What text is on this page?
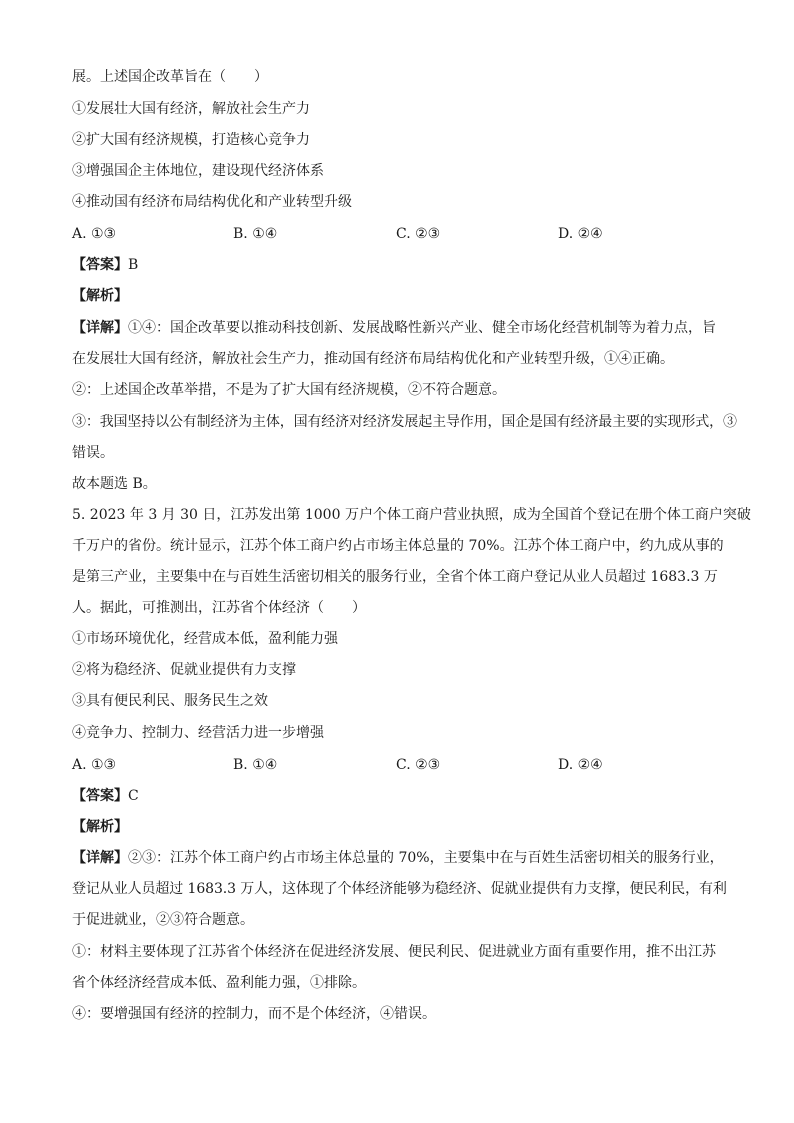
展。上述国企改革旨在（　　）
①发展壮大国有经济，解放社会生产力
②扩大国有经济规模，打造核心竞争力
③增强国企主体地位，建设现代经济体系
④推动国有经济布局结构优化和产业转型升级
A. ①③	B. ①④	C. ②③	D. ②④
【答案】B
【解析】
【详解】①④：国企改革要以推动科技创新、发展战略性新兴产业、健全市场化经营机制等为着力点，旨
在发展壮大国有经济，解放社会生产力，推动国有经济布局结构优化和产业转型升级，①④正确。
②：上述国企改革举措，不是为了扩大国有经济规模，②不符合题意。
③：我国坚持以公有制经济为主体，国有经济对经济发展起主导作用，国企是国有经济最主要的实现形式，③
错误。
故本题选 B。
5. 2023 年 3 月 30 日，江苏发出第 1000 万户个体工商户营业执照，成为全国首个登记在册个体工商户突破
千万户的省份。统计显示，江苏个体工商户约占市场主体总量的 70%。江苏个体工商户中，约九成从事的
是第三产业，主要集中在与百姓生活密切相关的服务行业，全省个体工商户登记从业人员超过 1683.3 万
人。据此，可推测出，江苏省个体经济（　　）
①市场环境优化，经营成本低，盈利能力强
②将为稳经济、促就业提供有力支撑
③具有便民利民、服务民生之效
④竞争力、控制力、经营活力进一步增强
A. ①③	B. ①④	C. ②③	D. ②④
【答案】C
【解析】
【详解】②③：江苏个体工商户约占市场主体总量的 70%，主要集中在与百姓生活密切相关的服务行业，
登记从业人员超过 1683.3 万人，这体现了个体经济能够为稳经济、促就业提供有力支撑，便民利民，有利
于促进就业，②③符合题意。
①：材料主要体现了江苏省个体经济在促进经济发展、便民利民、促进就业方面有重要作用，推不出江苏
省个体经济经营成本低、盈利能力强，①排除。
④：要增强国有经济的控制力，而不是个体经济，④错误。
